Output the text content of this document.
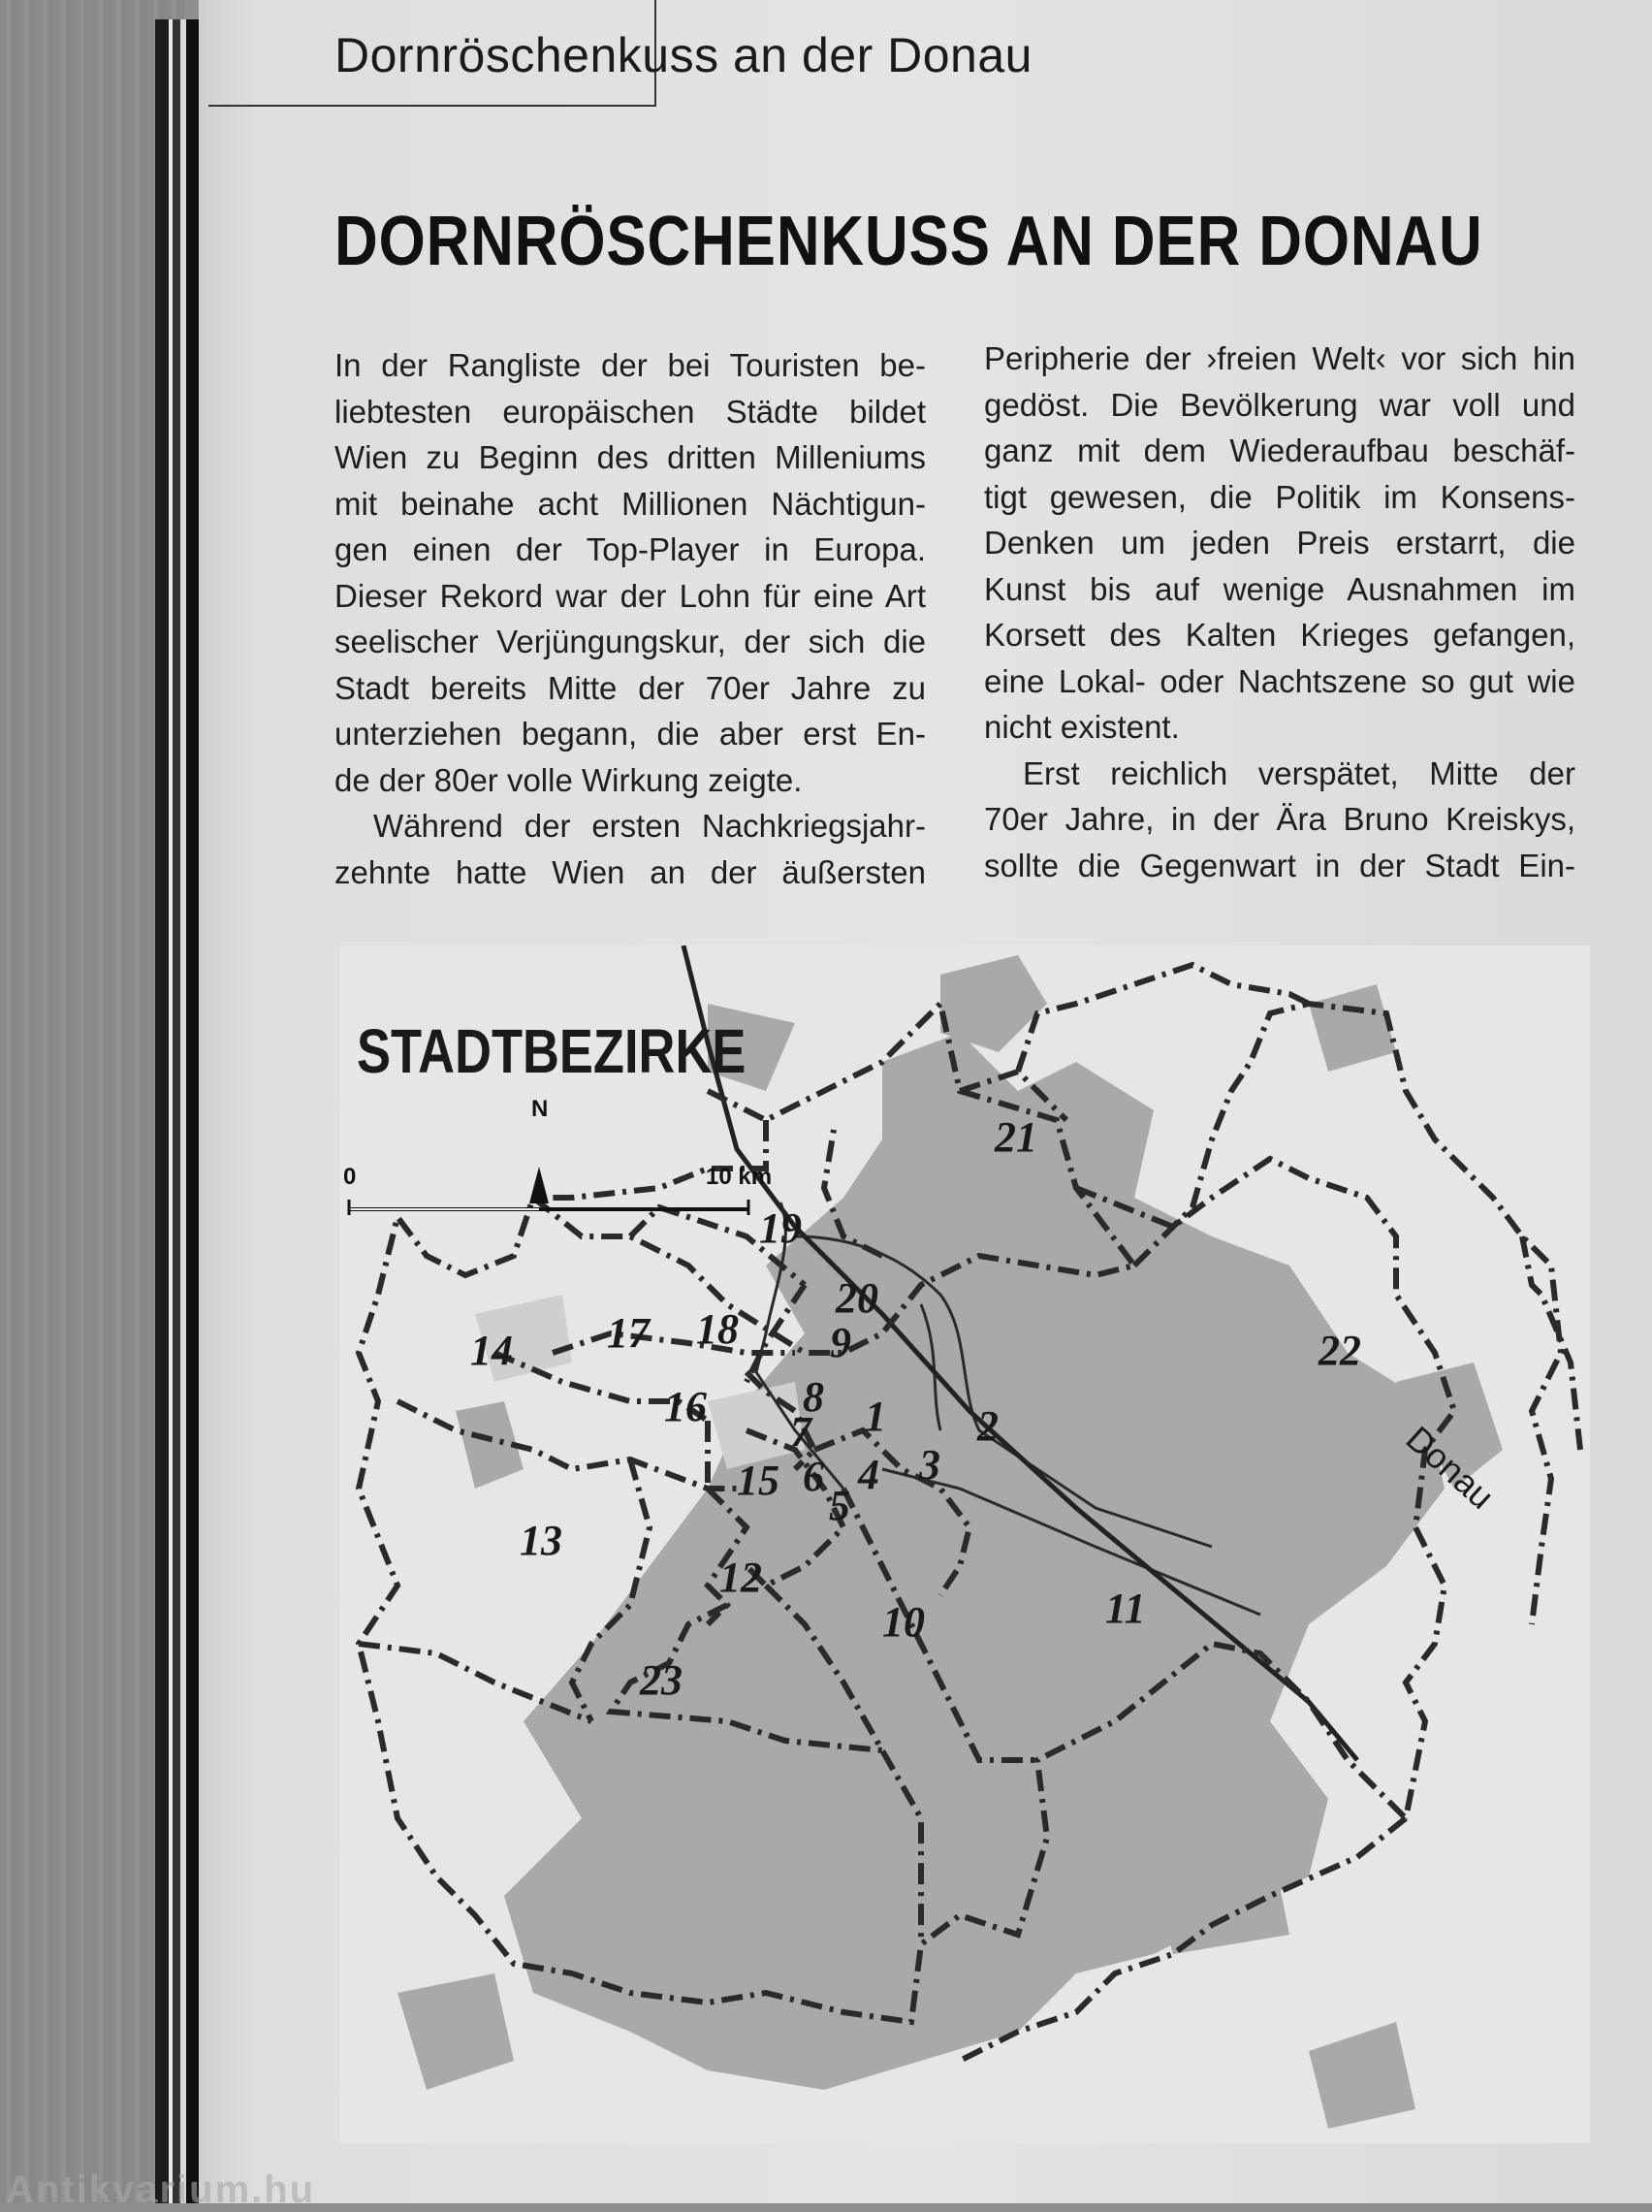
Dornröschenkuss an der Donau
DORNRÖSCHENKUSS AN DER DONAU

In der Rangliste der bei Touristen be-
liebtesten europäischen Städte bildet
Wien zu Beginn des dritten Milleniums
mit beinahe acht Millionen Nächtigun-
gen einen der Top-Player in Europa.
Dieser Rekord war der Lohn für eine Art
seelischer Verjüngungskur, der sich die
Stadt bereits Mitte der 70er Jahre zu
unterziehen begann, die aber erst En-
de der 80er volle Wirkung zeigte.

Während der ersten Nachkriegsjahr-
zehnte hatte Wien an der äußersten

Peripherie der ›freien Welt‹ vor sich hin
gedöst. Die Bevölkerung war voll und
ganz mit dem Wiederaufbau beschäf-
tigt gewesen, die Politik im Konsens-
Denken um jeden Preis erstarrt, die
Kunst bis auf wenige Ausnahmen im
Korsett des Kalten Krieges gefangen,
eine Lokal- oder Nachtszene so gut wie
nicht existent.

Erst reichlich verspätet, Mitte der
70er Jahre, in der Ära Bruno Kreiskys,
sollte die Gegenwart in der Stadt Ein-

1 2
3
4
5
6
7
8
9
10	11
12
13
14
15
16
17 18
19
20
21
22
23
Donau
N
0	10 km
STADTBEZIRKE

Antikvarium.hu
